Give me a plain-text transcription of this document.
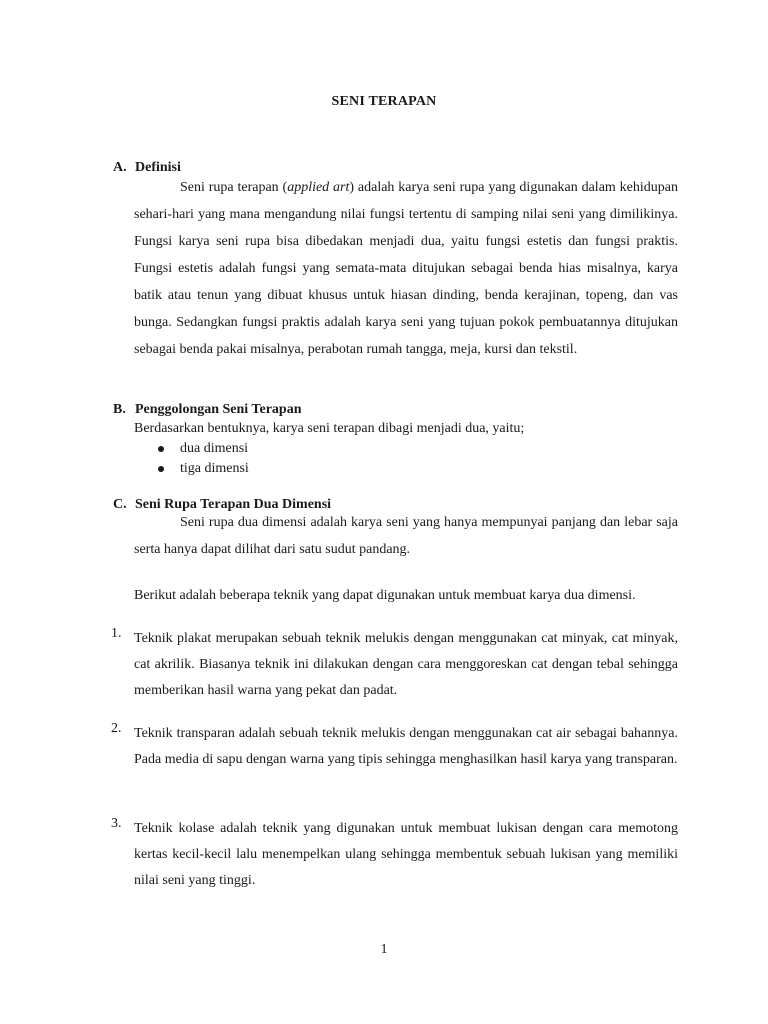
SENI TERAPAN
A. Definisi
Seni rupa terapan (applied art) adalah karya seni rupa yang digunakan dalam kehidupan sehari-hari yang mana mengandung nilai fungsi tertentu di samping nilai seni yang dimilikinya. Fungsi karya seni rupa bisa dibedakan menjadi dua, yaitu fungsi estetis dan fungsi praktis. Fungsi estetis adalah fungsi yang semata-mata ditujukan sebagai benda hias misalnya, karya batik atau tenun yang dibuat khusus untuk hiasan dinding, benda kerajinan, topeng, dan vas bunga. Sedangkan fungsi praktis adalah karya seni yang tujuan pokok pembuatannya ditujukan sebagai benda pakai misalnya, perabotan rumah tangga, meja, kursi dan tekstil.
B. Penggolongan Seni Terapan
Berdasarkan bentuknya, karya seni terapan dibagi menjadi dua, yaitu;
dua dimensi
tiga dimensi
C. Seni Rupa Terapan Dua Dimensi
Seni rupa dua dimensi adalah karya seni yang hanya mempunyai panjang dan lebar saja serta hanya dapat dilihat dari satu sudut pandang.
Berikut adalah beberapa teknik yang dapat digunakan untuk membuat karya dua dimensi.
1. Teknik plakat merupakan sebuah teknik melukis dengan menggunakan cat minyak, cat minyak, cat akrilik. Biasanya teknik ini dilakukan dengan cara menggoreskan cat dengan tebal sehingga memberikan hasil warna yang pekat dan padat.
2. Teknik transparan adalah sebuah teknik melukis dengan menggunakan cat air sebagai bahannya. Pada media di sapu dengan warna yang tipis sehingga menghasilkan hasil karya yang transparan.
3. Teknik kolase adalah teknik yang digunakan untuk membuat lukisan dengan cara memotong kertas kecil-kecil lalu menempelkan ulang sehingga membentuk sebuah lukisan yang memiliki nilai seni yang tinggi.
1
